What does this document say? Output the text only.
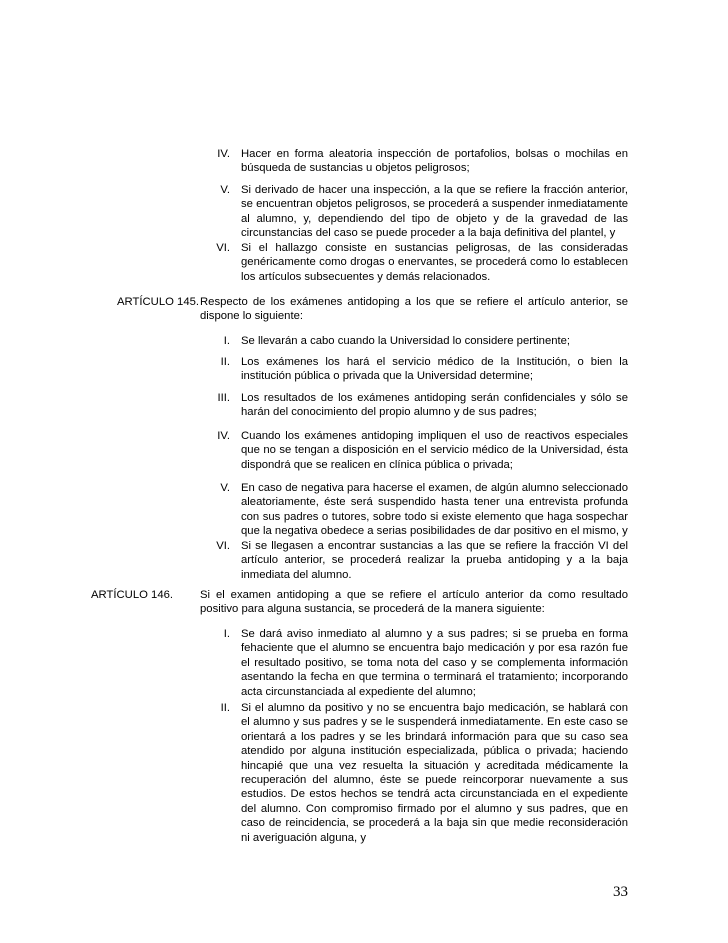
IV. Hacer en forma aleatoria inspección de portafolios, bolsas o mochilas en búsqueda de sustancias u objetos peligrosos;
V. Si derivado de hacer una inspección, a la que se refiere la fracción anterior, se encuentran objetos peligrosos, se procederá a suspender inmediatamente al alumno, y, dependiendo del tipo de objeto y de la gravedad de las circunstancias del caso se puede proceder a la baja definitiva del plantel, y
VI. Si el hallazgo consiste en sustancias peligrosas, de las consideradas genéricamente como drogas o enervantes, se procederá como lo establecen los artículos subsecuentes y demás relacionados.
ARTÍCULO 145. Respecto de los exámenes antidoping a los que se refiere el artículo anterior, se dispone lo siguiente:
I. Se llevarán a cabo cuando la Universidad lo considere pertinente;
II. Los exámenes los hará el servicio médico de la Institución, o bien la institución pública o privada que la Universidad determine;
III. Los resultados de los exámenes antidoping serán confidenciales y sólo se harán del conocimiento del propio alumno y de sus padres;
IV. Cuando los exámenes antidoping impliquen el uso de reactivos especiales que no se tengan a disposición en el servicio médico de la Universidad, ésta dispondrá que se realicen en clínica pública o privada;
V. En caso de negativa para hacerse el examen, de algún alumno seleccionado aleatoriamente, éste será suspendido hasta tener una entrevista profunda con sus padres o tutores, sobre todo si existe elemento que haga sospechar que la negativa obedece a serias posibilidades de dar positivo en el mismo, y
VI. Si se llegasen a encontrar sustancias a las que se refiere la fracción VI del artículo anterior, se procederá realizar la prueba antidoping y a la baja inmediata del alumno.
ARTÍCULO 146. Si el examen antidoping a que se refiere el artículo anterior da como resultado positivo para alguna sustancia, se procederá de la manera siguiente:
I. Se dará aviso inmediato al alumno y a sus padres; si se prueba en forma fehaciente que el alumno se encuentra bajo medicación y por esa razón fue el resultado positivo, se toma nota del caso y se complementa información asentando la fecha en que termina o terminará el tratamiento; incorporando acta circunstanciada al expediente del alumno;
II. Si el alumno da positivo y no se encuentra bajo medicación, se hablará con el alumno y sus padres y se le suspenderá inmediatamente. En este caso se orientará a los padres y se les brindará información para que su caso sea atendido por alguna institución especializada, pública o privada; haciendo hincapié que una vez resuelta la situación y acreditada médicamente la recuperación del alumno, éste se puede reincorporar nuevamente a sus estudios. De estos hechos se tendrá acta circunstanciada en el expediente del alumno. Con compromiso firmado por el alumno y sus padres, que en caso de reincidencia, se procederá a la baja sin que medie reconsideración ni averiguación alguna, y
33
